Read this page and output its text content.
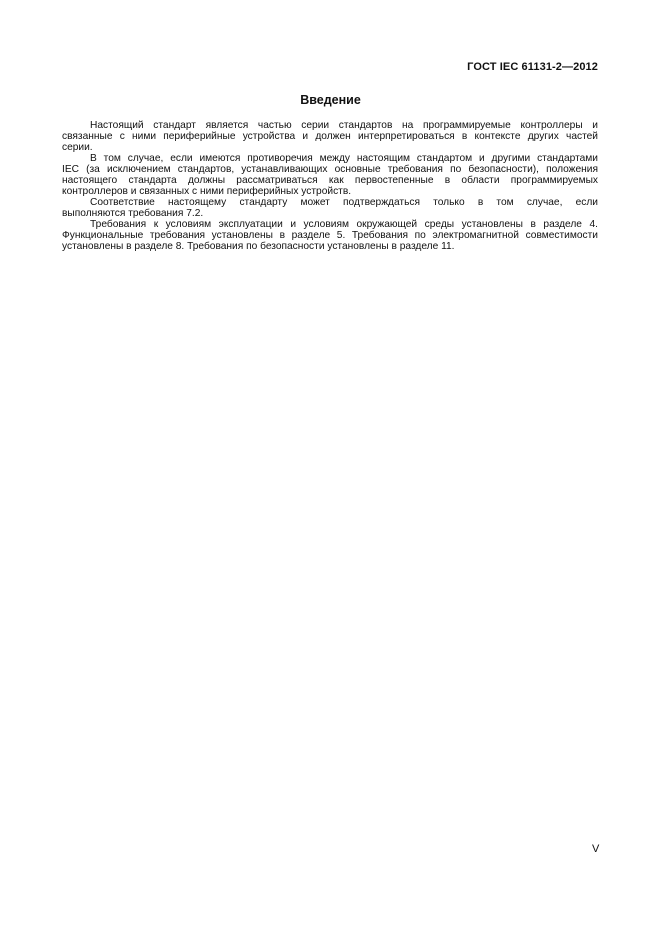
ГОСТ IEC 61131-2—2012
Введение
Настоящий стандарт является частью серии стандартов на программируемые контроллеры и
связанные с ними периферийные устройства и должен интерпретироваться в контексте других частей
серии.
В том случае, если имеются противоречия между настоящим стандартом и другими стандартами
IEC (за исключением стандартов, устанавливающих основные требования по безопасности), положения
настоящего стандарта должны рассматриваться как первостепенные в области программируемых
контроллеров и связанных с ними периферийных устройств.
Соответствие настоящему стандарту может подтверждаться только в том случае, если
выполняются требования 7.2.
Требования к условиям эксплуатации и условиям окружающей среды установлены в разделе 4.
Функциональные требования установлены в разделе 5. Требования по электромагнитной совместимости
установлены в разделе 8. Требования по безопасности установлены в разделе 11.
V
